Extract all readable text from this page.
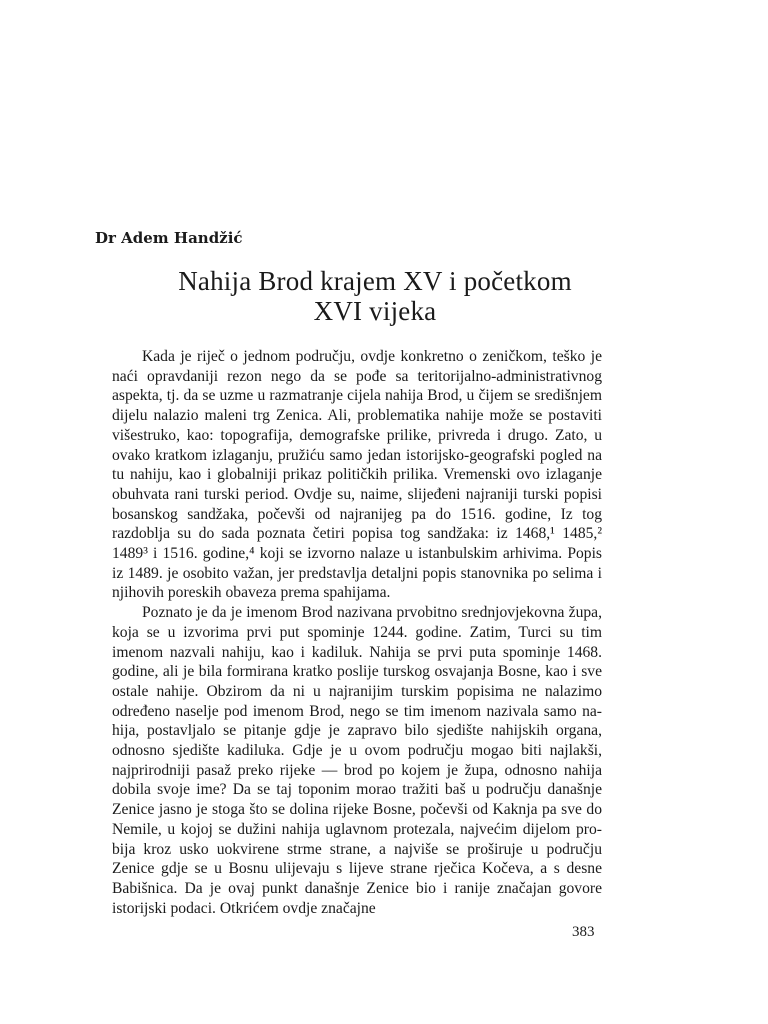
Dr Adem Handžić

Nahija Brod krajem XV i početkom
XVI vijeka

Kada je riječ o jednom području, ovdje konkretno o zeničkom, teško je naći opravdaniji rezon nego da se pođe sa teritorijalno-administrativnog aspekta, tj. da se uzme u razmatranje cijela nahija Brod, u čijem se središnjem dijelu nalazio maleni trg Zenica. Ali, problematika nahije može se postaviti višestruko, kao: topografija, demografske prilike, privreda i drugo. Zato, u ovako kratkom izlaganju, pružiću samo jedan istorijsko-geografski pogled na tu nahiju, kao i globalniji prikaz političkih prilika. Vremenski ovo izlaganje obuhvata rani turski period. Ovdje su, naime, slijeđeni najraniji turski popisi bosanskog sandžaka, počevši od najranijeg pa do 1516. godine, Iz tog razdoblja su do sada poznata četiri popisa tog sandžaka: iz 1468,¹ 1485,² 1489³ i 1516. godine,⁴ koji se izvorno nalaze u istanbulskim arhivima. Popis iz 1489. je osobito važan, jer predstavlja detaljni popis stanovnika po selima i njihovih poreskih obaveza prema spahijama.

Poznato je da je imenom Brod nazivana prvobitno srednjovjekovna župa, koja se u izvorima prvi put spominje 1244. godine. Zatim, Turci su tim imenom nazvali nahiju, kao i kadiluk. Nahija se prvi puta spominje 1468. godine, ali je bila formirana kratko poslije turskog osvajanja Bosne, kao i sve ostale nahije. Obzirom da ni u najranijim turskim popisima ne nalazimo određeno naselje pod imenom Brod, nego se tim imenom nazivala samo nahija, postavljalo se pitanje gdje je zapravo bilo sjedište nahijskih organa, odnosno sjedište kadiluka. Gdje je u ovom području mogao biti najlakši, najprirodniji pasaž preko rijeke — brod po kojem je župa, odnosno nahija dobila svoje ime? Da se taj toponim morao tražiti baš u području današnje Zenice jasno je stoga što se dolina rijeke Bosne, počevši od Kaknja pa sve do Nemile, u kojoj se dužini nahija uglavnom protezala, najvećim dijelom probija kroz usko uokvirene strme strane, a najviše se proširuje u području Zenice gdje se u Bosnu ulijevaju s lijeve strane rječica Kočeva, a s desne Babišnica. Da je ovaj punkt današnje Zenice bio i ranije značajan govore istorijski podaci. Otkrićem ovdje značajne

383
